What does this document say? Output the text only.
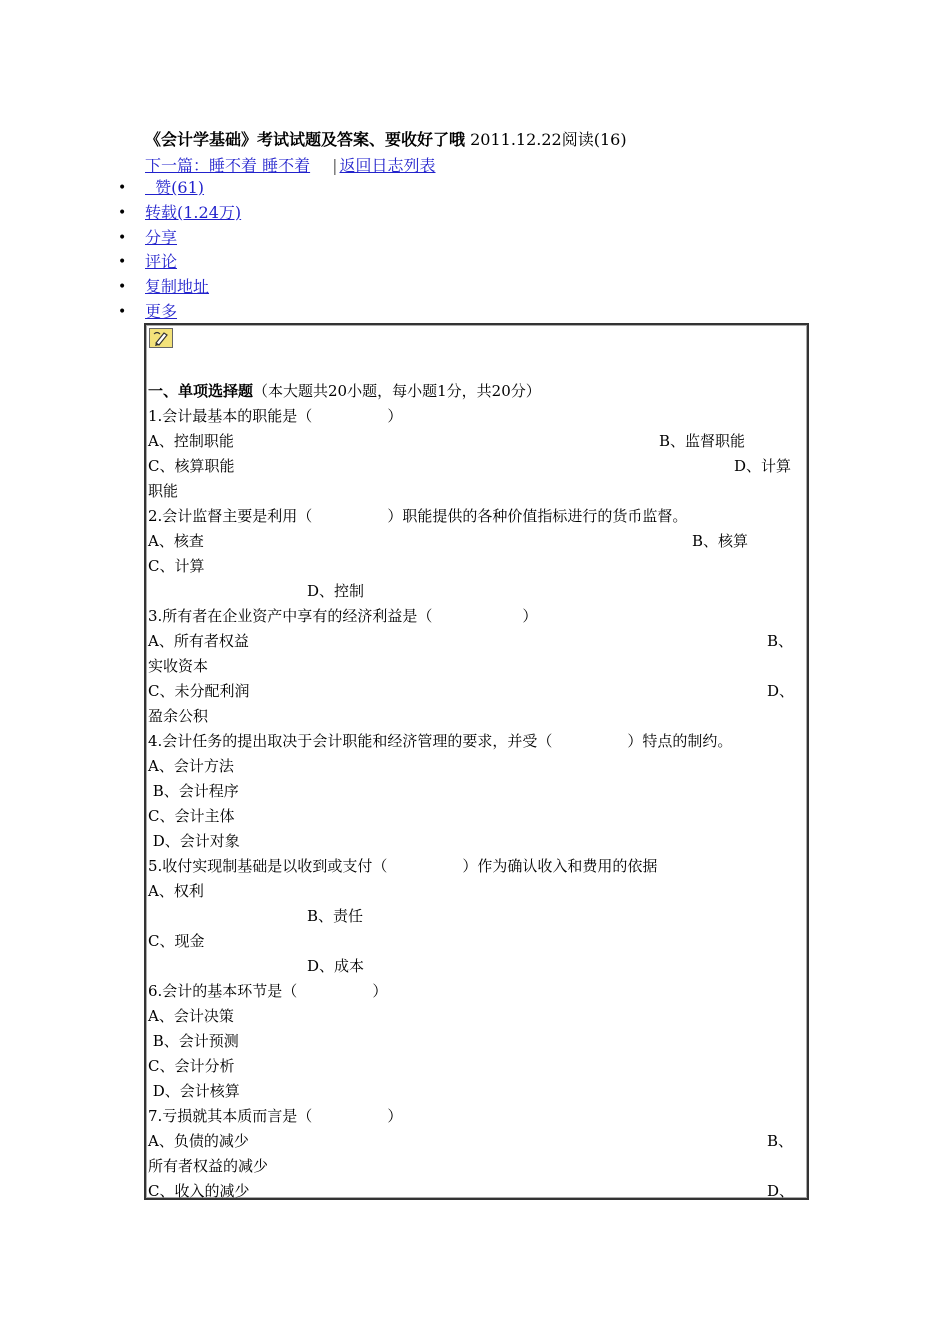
《会计学基础》考试试题及答案、要收好了哦 2011.12.22阅读(16)
下一篇：睡不着 睡不着 | 返回日志列表
•   赞(61)
• 转载(1.24万)
• 分享
• 评论
• 复制地址
• 更多
一、单项选择题（本大题共20小题，每小题1分，共20分）
1.会计最基本的职能是（　　　　　）
A、控制职能	B、监督职能
C、核算职能	D、计算
职能
2.会计监督主要是利用（　　　　　）职能提供的各种价值指标进行的货币监督。
A、核查	B、核算
C、计算
D、控制
3.所有者在企业资产中享有的经济利益是（　　　　　　）
A、所有者权益	B、
实收资本
C、未分配利润	D、
盈余公积
4.会计任务的提出取决于会计职能和经济管理的要求，并受（　　　　　）特点的制约。
A、会计方法
B、会计程序
C、会计主体
D、会计对象
5.收付实现制基础是以收到或支付（　　　　　）作为确认收入和费用的依据
A、权利
B、责任
C、现金
D、成本
6.会计的基本环节是（　　　　　）
A、会计决策
B、会计预测
C、会计分析
D、会计核算
7.亏损就其本质而言是（　　　　　）
A、负债的减少	B、
所有者权益的减少
C、收入的减少	D、
